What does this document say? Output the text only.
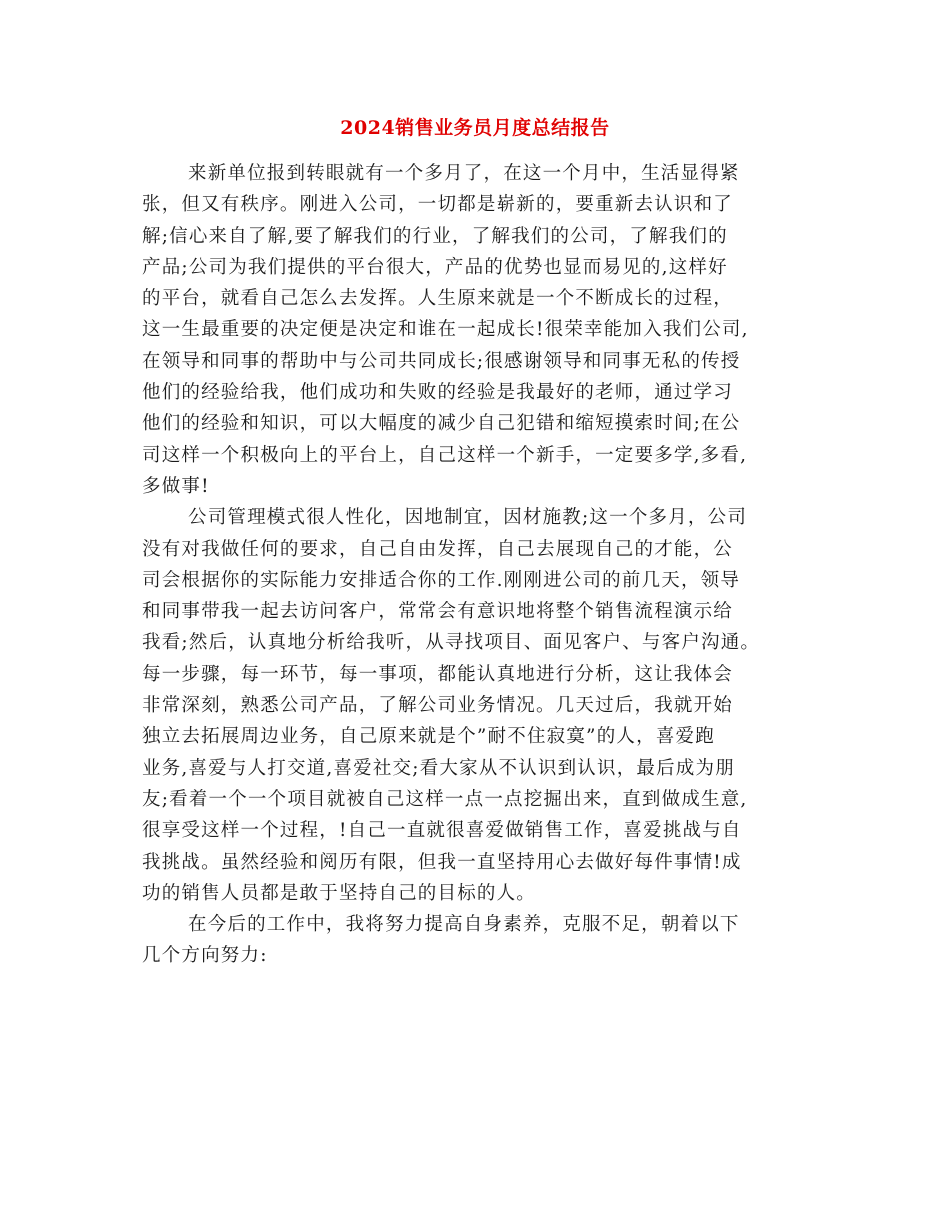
2024销售业务员月度总结报告

来新单位报到转眼就有一个多月了，在这一个月中，生活显得紧
张，但又有秩序。刚进入公司，一切都是崭新的，要重新去认识和了
解;信心来自了解,要了解我们的行业，了解我们的公司，了解我们的
产品;公司为我们提供的平台很大，产品的优势也显而易见的,这样好
的平台，就看自己怎么去发挥。人生原来就是一个不断成长的过程，
这一生最重要的决定便是决定和谁在一起成长!很荣幸能加入我们公司,
在领导和同事的帮助中与公司共同成长;很感谢领导和同事无私的传授
他们的经验给我，他们成功和失败的经验是我最好的老师，通过学习
他们的经验和知识，可以大幅度的减少自己犯错和缩短摸索时间;在公
司这样一个积极向上的平台上，自己这样一个新手，一定要多学,多看,
多做事!

公司管理模式很人性化，因地制宜，因材施教;这一个多月，公司
没有对我做任何的要求，自己自由发挥，自己去展现自己的才能，公
司会根据你的实际能力安排适合你的工作.刚刚进公司的前几天，领导
和同事带我一起去访问客户，常常会有意识地将整个销售流程演示给
我看;然后，认真地分析给我听，从寻找项目、面见客户、与客户沟通。
每一步骤，每一环节，每一事项，都能认真地进行分析，这让我体会
非常深刻，熟悉公司产品，了解公司业务情况。几天过后，我就开始
独立去拓展周边业务，自己原来就是个”耐不住寂寞”的人，喜爱跑
业务,喜爱与人打交道,喜爱社交;看大家从不认识到认识，最后成为朋
友;看着一个一个项目就被自己这样一点一点挖掘出来，直到做成生意,
很享受这样一个过程，!自己一直就很喜爱做销售工作，喜爱挑战与自
我挑战。虽然经验和阅历有限，但我一直坚持用心去做好每件事情!成
功的销售人员都是敢于坚持自己的目标的人。

在今后的工作中，我将努力提高自身素养，克服不足，朝着以下
几个方向努力:
